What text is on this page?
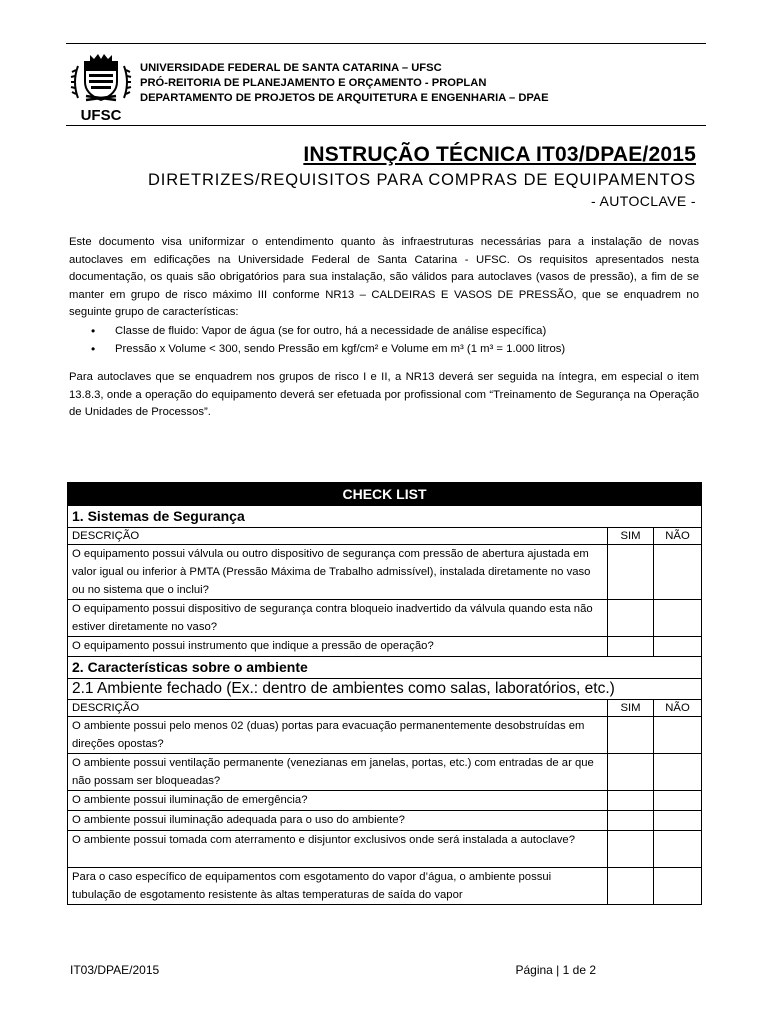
UFSC
UNIVERSIDADE FEDERAL DE SANTA CATARINA – UFSC
PRÓ-REITORIA DE PLANEJAMENTO E ORÇAMENTO - PROPLAN
DEPARTAMENTO DE PROJETOS DE ARQUITETURA E ENGENHARIA – DPAE
INSTRUÇÃO TÉCNICA IT03/DPAE/2015
DIRETRIZES/REQUISITOS PARA COMPRAS DE EQUIPAMENTOS
- AUTOCLAVE -

Este documento visa uniformizar o entendimento quanto às infraestruturas necessárias para a instalação de novas autoclaves em edificações na Universidade Federal de Santa Catarina - UFSC. Os requisitos apresentados nesta documentação, os quais são obrigatórios para sua instalação, são válidos para autoclaves (vasos de pressão), a fim de se manter em grupo de risco máximo III conforme NR13 – CALDEIRAS E VASOS DE PRESSÃO, que se enquadrem no seguinte grupo de características:

• Classe de fluido: Vapor de água (se for outro, há a necessidade de análise específica)
• Pressão x Volume < 300, sendo Pressão em kgf/cm² e Volume em m³ (1 m³ = 1.000 litros)

Para autoclaves que se enquadrem nos grupos de risco I e II, a NR13 deverá ser seguida na íntegra, em especial o item 13.8.3, onde a operação do equipamento deverá ser efetuada por profissional com “Treinamento de Segurança na Operação de Unidades de Processos”.

CHECK LIST		
1. Sistemas de Segurança		
DESCRIÇÃO	SIM	NÃO
O equipamento possui válvula ou outro dispositivo de segurança com pressão de abertura ajustada em valor igual ou inferior à PMTA (Pressão Máxima de Trabalho admissível), instalada diretamente no vaso ou no sistema que o inclui?		
O equipamento possui dispositivo de segurança contra bloqueio inadvertido da válvula quando esta não estiver diretamente no vaso?		
O equipamento possui instrumento que indique a pressão de operação?		
2. Características sobre o ambiente		
2.1 Ambiente fechado (Ex.: dentro de ambientes como salas, laboratórios, etc.)		
DESCRIÇÃO	SIM	NÃO
O ambiente possui pelo menos 02 (duas) portas para evacuação permanentemente desobstruídas em direções opostas?		
O ambiente possui ventilação permanente (venezianas em janelas, portas, etc.) com entradas de ar que não possam ser bloqueadas?		
O ambiente possui iluminação de emergência?		
O ambiente possui iluminação adequada para o uso do ambiente?		
O ambiente possui tomada com aterramento e disjuntor exclusivos onde será instalada a autoclave?		
Para o caso específico de equipamentos com esgotamento do vapor d’água, o ambiente possui tubulação de esgotamento resistente às altas temperaturas de saída do vapor		
IT03/DPAE/2015	Página | 1 de 2
